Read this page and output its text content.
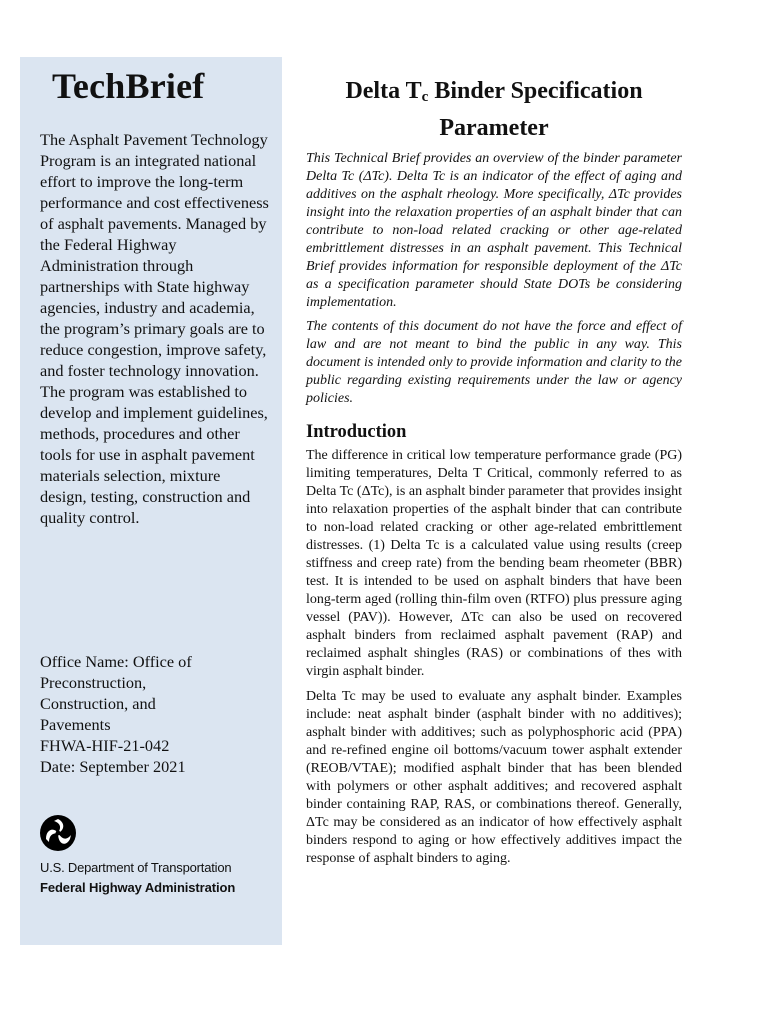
TechBrief

The Asphalt Pavement Technology Program is an integrated national effort to improve the long-term performance and cost effectiveness of asphalt pavements. Managed by the Federal Highway Administration through partnerships with State highway agencies, industry and academia, the program’s primary goals are to reduce congestion, improve safety, and foster technology innovation. The program was established to develop and implement guidelines, methods, procedures and other tools for use in asphalt pavement materials selection, mixture design, testing, construction and quality control.

Office Name: Office of
Preconstruction,
Construction, and
Pavements
FHWA-HIF-21-042
Date: September 2021
U.S. Department of Transportation
Federal Highway Administration
Delta $T_c$ Binder Specification Parameter

This Technical Brief provides an overview of the binder parameter Delta Tc (ΔTc). Delta Tc is an indicator of the effect of aging and additives on the asphalt rheology. More specifically, ΔTc provides insight into the relaxation properties of an asphalt binder that can contribute to non-load related cracking or other age-related embrittlement distresses in an asphalt pavement. This Technical Brief provides information for responsible deployment of the ΔTc as a specification parameter should State DOTs be considering implementation.

The contents of this document do not have the force and effect of law and are not meant to bind the public in any way. This document is intended only to provide information and clarity to the public regarding existing requirements under the law or agency policies.

Introduction

The difference in critical low temperature performance grade (PG) limiting temperatures, Delta T Critical, commonly referred to as Delta Tc (ΔTc), is an asphalt binder parameter that provides insight into relaxation properties of the asphalt binder that can contribute to non-load related cracking or other age-related embrittlement distresses. (1) Delta Tc is a calculated value using results (creep stiffness and creep rate) from the bending beam rheometer (BBR) test. It is intended to be used on asphalt binders that have been long-term aged (rolling thin-film oven (RTFO) plus pressure aging vessel (PAV)). However, ΔTc can also be used on recovered asphalt binders from reclaimed asphalt pavement (RAP) and reclaimed asphalt shingles (RAS) or combinations of thes with virgin asphalt binder.

Delta Tc may be used to evaluate any asphalt binder. Examples include: neat asphalt binder (asphalt binder with no additives); asphalt binder with additives; such as polyphosphoric acid (PPA) and re-refined engine oil bottoms/vacuum tower asphalt extender (REOB/VTAE); modified asphalt binder that has been blended with polymers or other asphalt additives; and recovered asphalt binder containing RAP, RAS, or combinations thereof. Generally, ΔTc may be considered as an indicator of how effectively asphalt binders respond to aging or how effectively additives impact the response of asphalt binders to aging.
